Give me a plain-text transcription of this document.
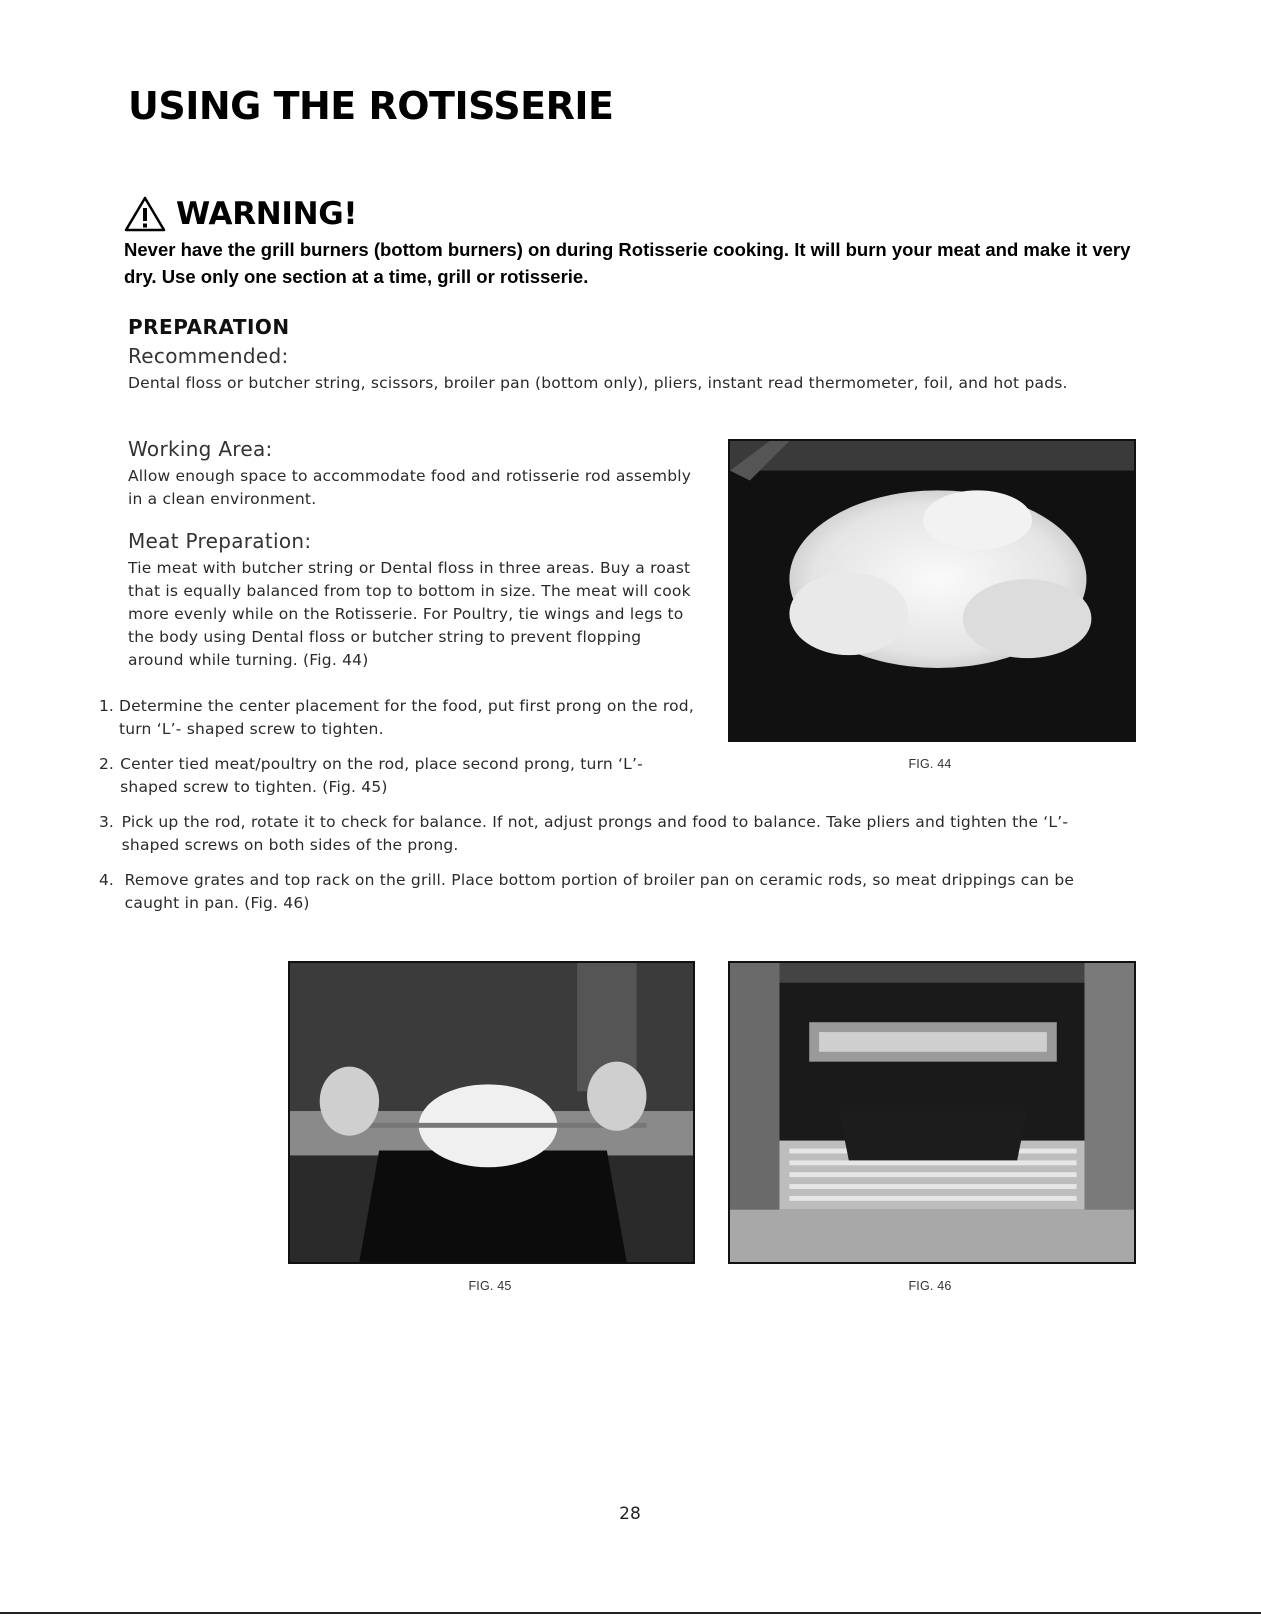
USING THE ROTISSERIE
WARNING!

Never have the grill burners (bottom burners) on during Rotisserie cooking. It will burn your meat and make it very dry. Use only one section at a time, grill or rotisserie.

PREPARATION

Recommended:

Dental floss or butcher string, scissors, broiler pan (bottom only), pliers, instant read thermometer, foil, and hot pads.

Working Area:

Allow enough space to accommodate food and rotisserie rod assembly in a clean environment.

Meat Preparation:

Tie meat with butcher string or Dental floss in three areas. Buy a roast that is equally balanced from top to bottom in size. The meat will cook more evenly while on the Rotisserie. For Poultry, tie wings and legs to the body using Dental floss or butcher string to prevent flopping around while turning. (Fig. 44)

1. Determine the center placement for the food, put first prong on the rod, turn ‘L’- shaped screw to tighten.

2. Center tied meat/poultry on the rod, place second prong, turn ‘L’- shaped screw to tighten. (Fig. 45)

3. Pick up the rod, rotate it to check for balance. If not, adjust prongs and food to balance. Take pliers and tighten the ‘L’- shaped screws on both sides of the prong.

4. Remove grates and top rack on the grill. Place bottom portion of broiler pan on ceramic rods, so meat drippings can be caught in pan. (Fig. 46)

FIG. 44
FIG. 45	FIG. 46
28
